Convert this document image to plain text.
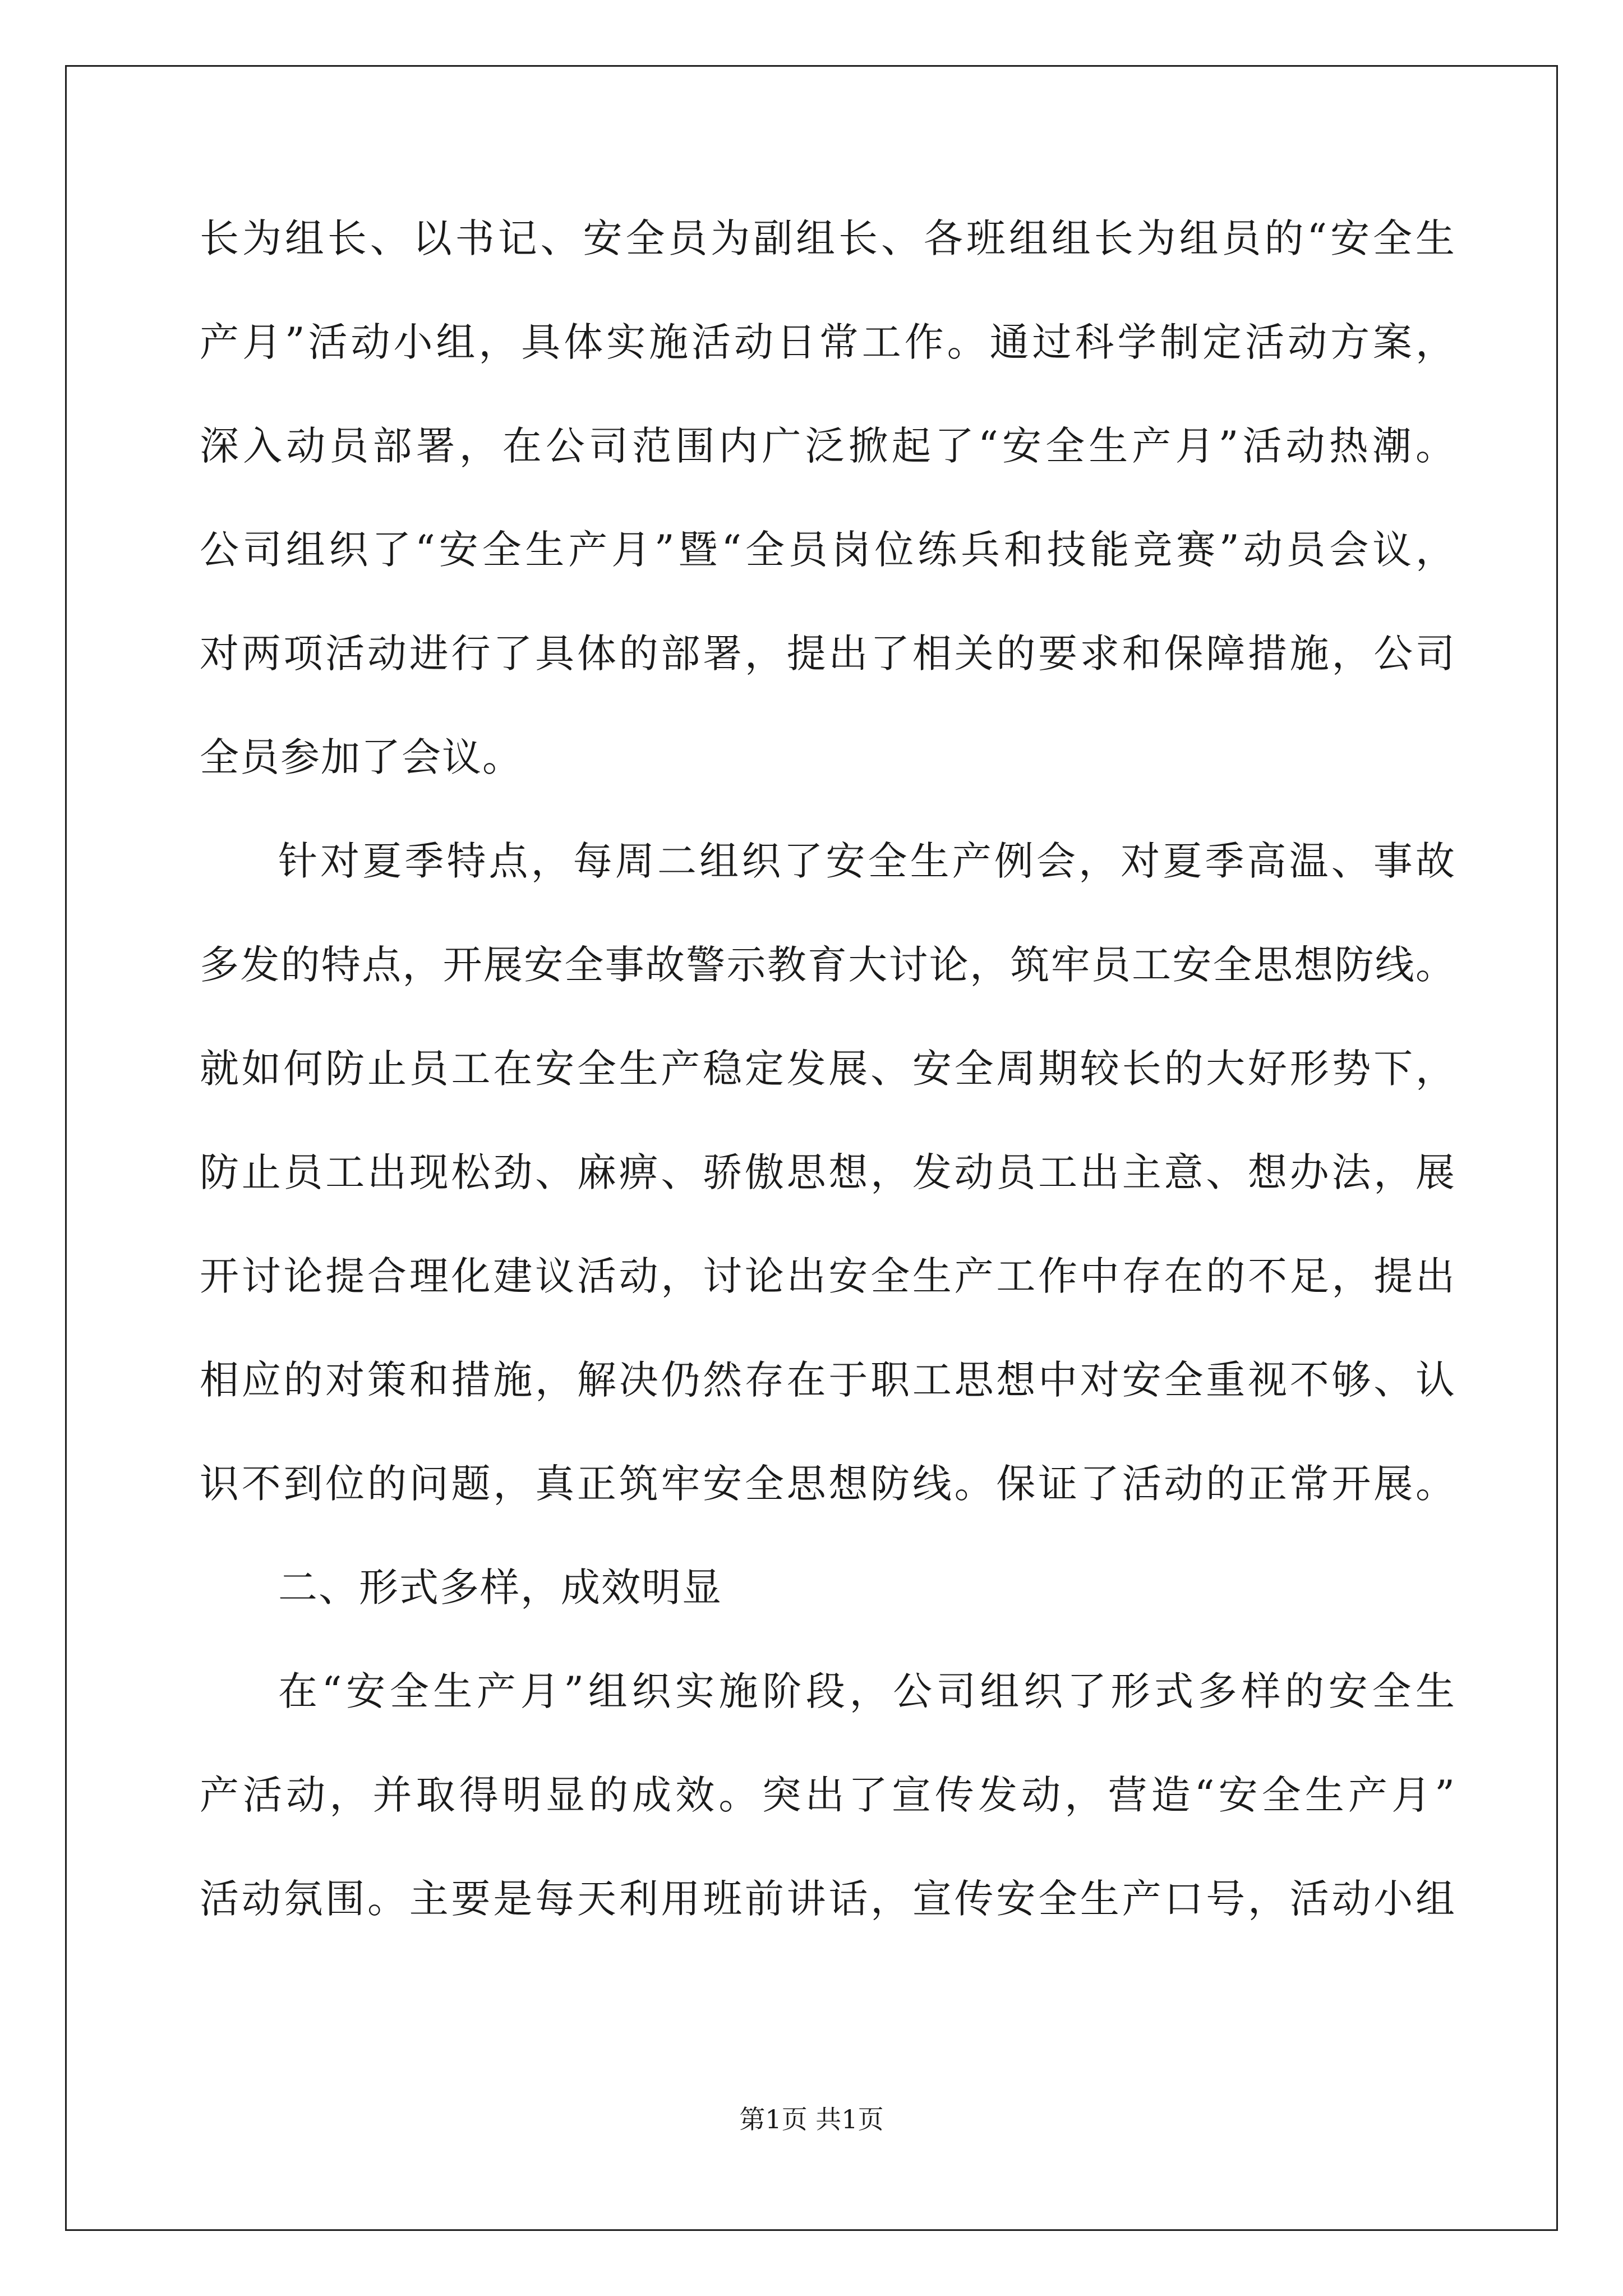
长为组长、以书记、安全员为副组长、各班组组长为组员的“安全生
产月”活动小组，具体实施活动日常工作。通过科学制定活动方案，
深入动员部署，在公司范围内广泛掀起了“安全生产月”活动热潮。
公司组织了“安全生产月”暨“全员岗位练兵和技能竞赛”动员会议，
对两项活动进行了具体的部署，提出了相关的要求和保障措施，公司
全员参加了会议。
针对夏季特点，每周二组织了安全生产例会，对夏季高温、事故
多发的特点，开展安全事故警示教育大讨论，筑牢员工安全思想防线。
就如何防止员工在安全生产稳定发展、安全周期较长的大好形势下，
防止员工出现松劲、麻痹、骄傲思想，发动员工出主意、想办法，展
开讨论提合理化建议活动，讨论出安全生产工作中存在的不足，提出
相应的对策和措施，解决仍然存在于职工思想中对安全重视不够、认
识不到位的问题，真正筑牢安全思想防线。保证了活动的正常开展。
二、形式多样，成效明显
在“安全生产月”组织实施阶段，公司组织了形式多样的安全生
产活动，并取得明显的成效。突出了宣传发动，营造“安全生产月”
活动氛围。主要是每天利用班前讲话，宣传安全生产口号，活动小组
第1页 共1页
